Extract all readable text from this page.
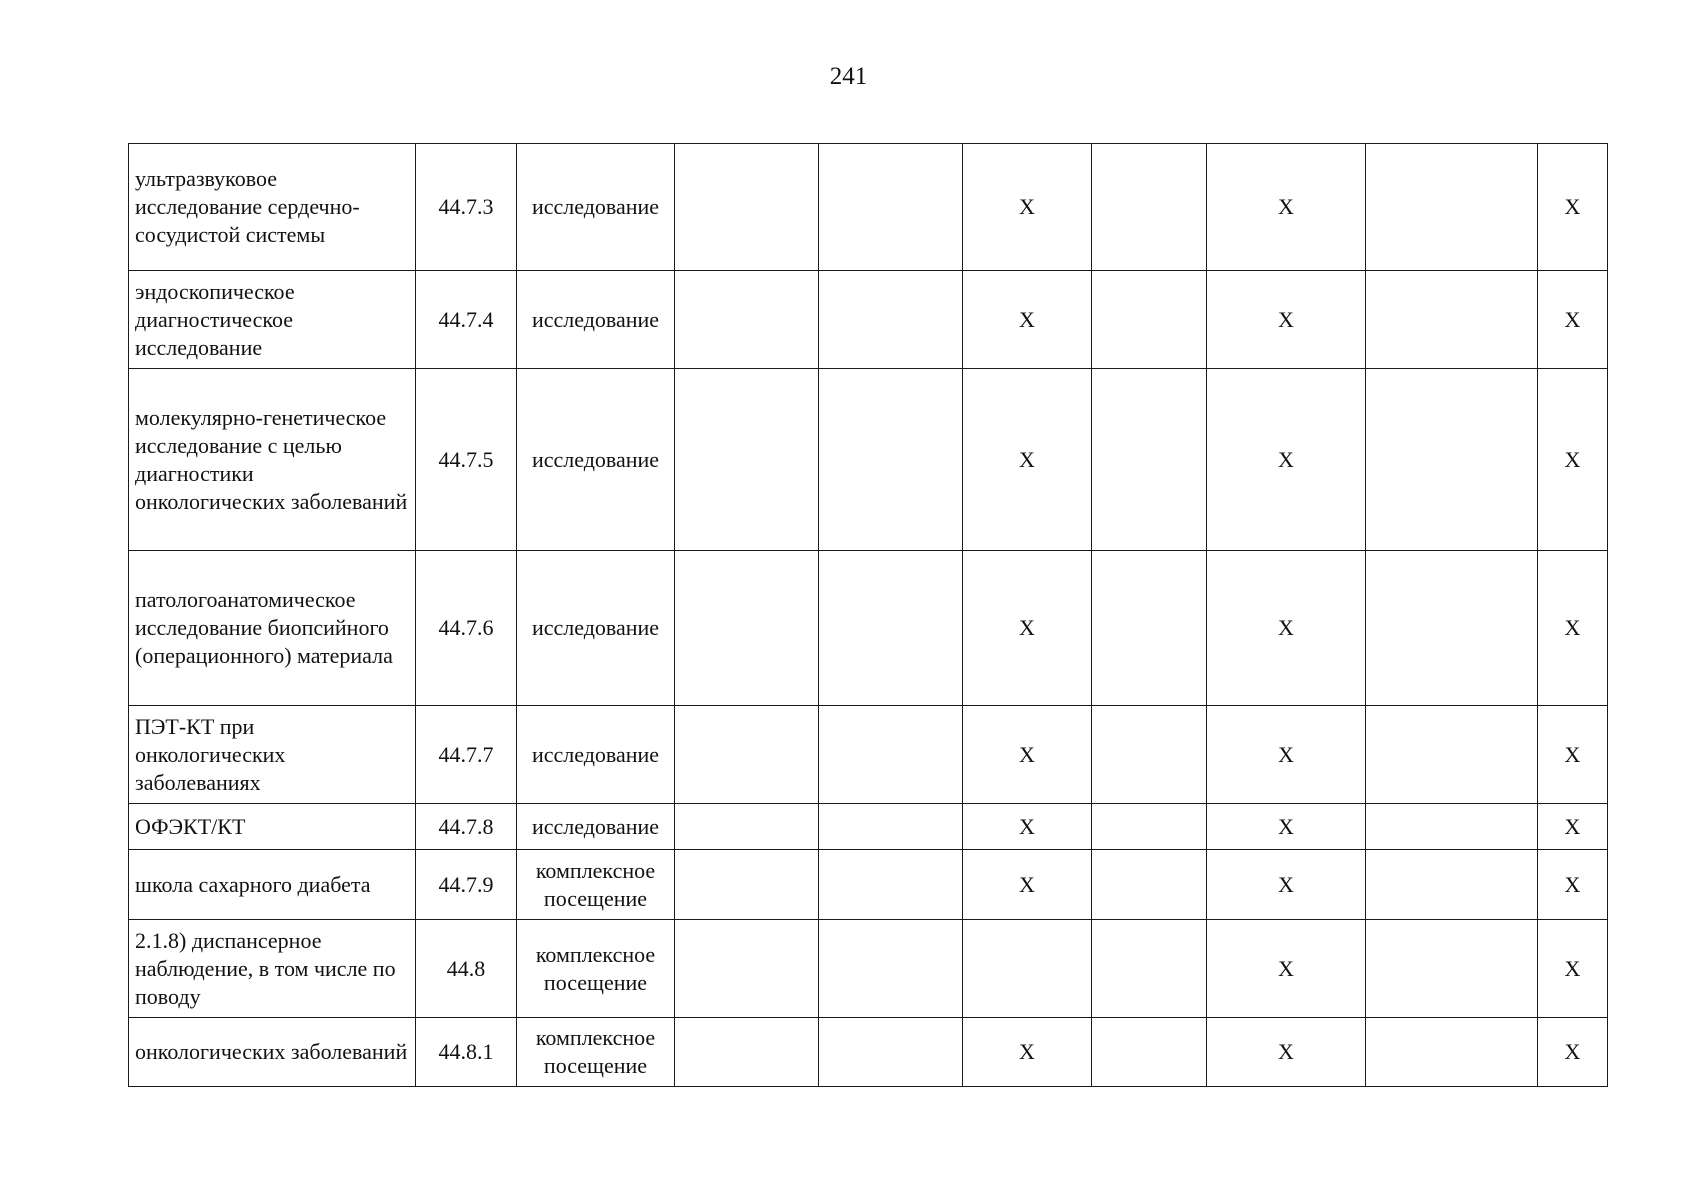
241
ультразвуковое исследование сердечно-сосудистой системы	44.7.3	исследование			X		X		X
эндоскопическое диагностическое исследование	44.7.4	исследование			X		X		X
молекулярно-генетическое исследование с целью диагностики онкологических заболеваний	44.7.5	исследование			X		X		X
патологоанатомическое исследование биопсийного (операционного) материала	44.7.6	исследование			X		X		X
ПЭТ-КТ при онкологических заболеваниях	44.7.7	исследование			X		X		X
ОФЭКТ/КТ	44.7.8	исследование			X		X		X
школа сахарного диабета	44.7.9	комплексное посещение			X		X		X
2.1.8) диспансерное наблюдение, в том числе по поводу	44.8	комплексное посещение					X		X
онкологических заболеваний	44.8.1	комплексное посещение			X		X		X
